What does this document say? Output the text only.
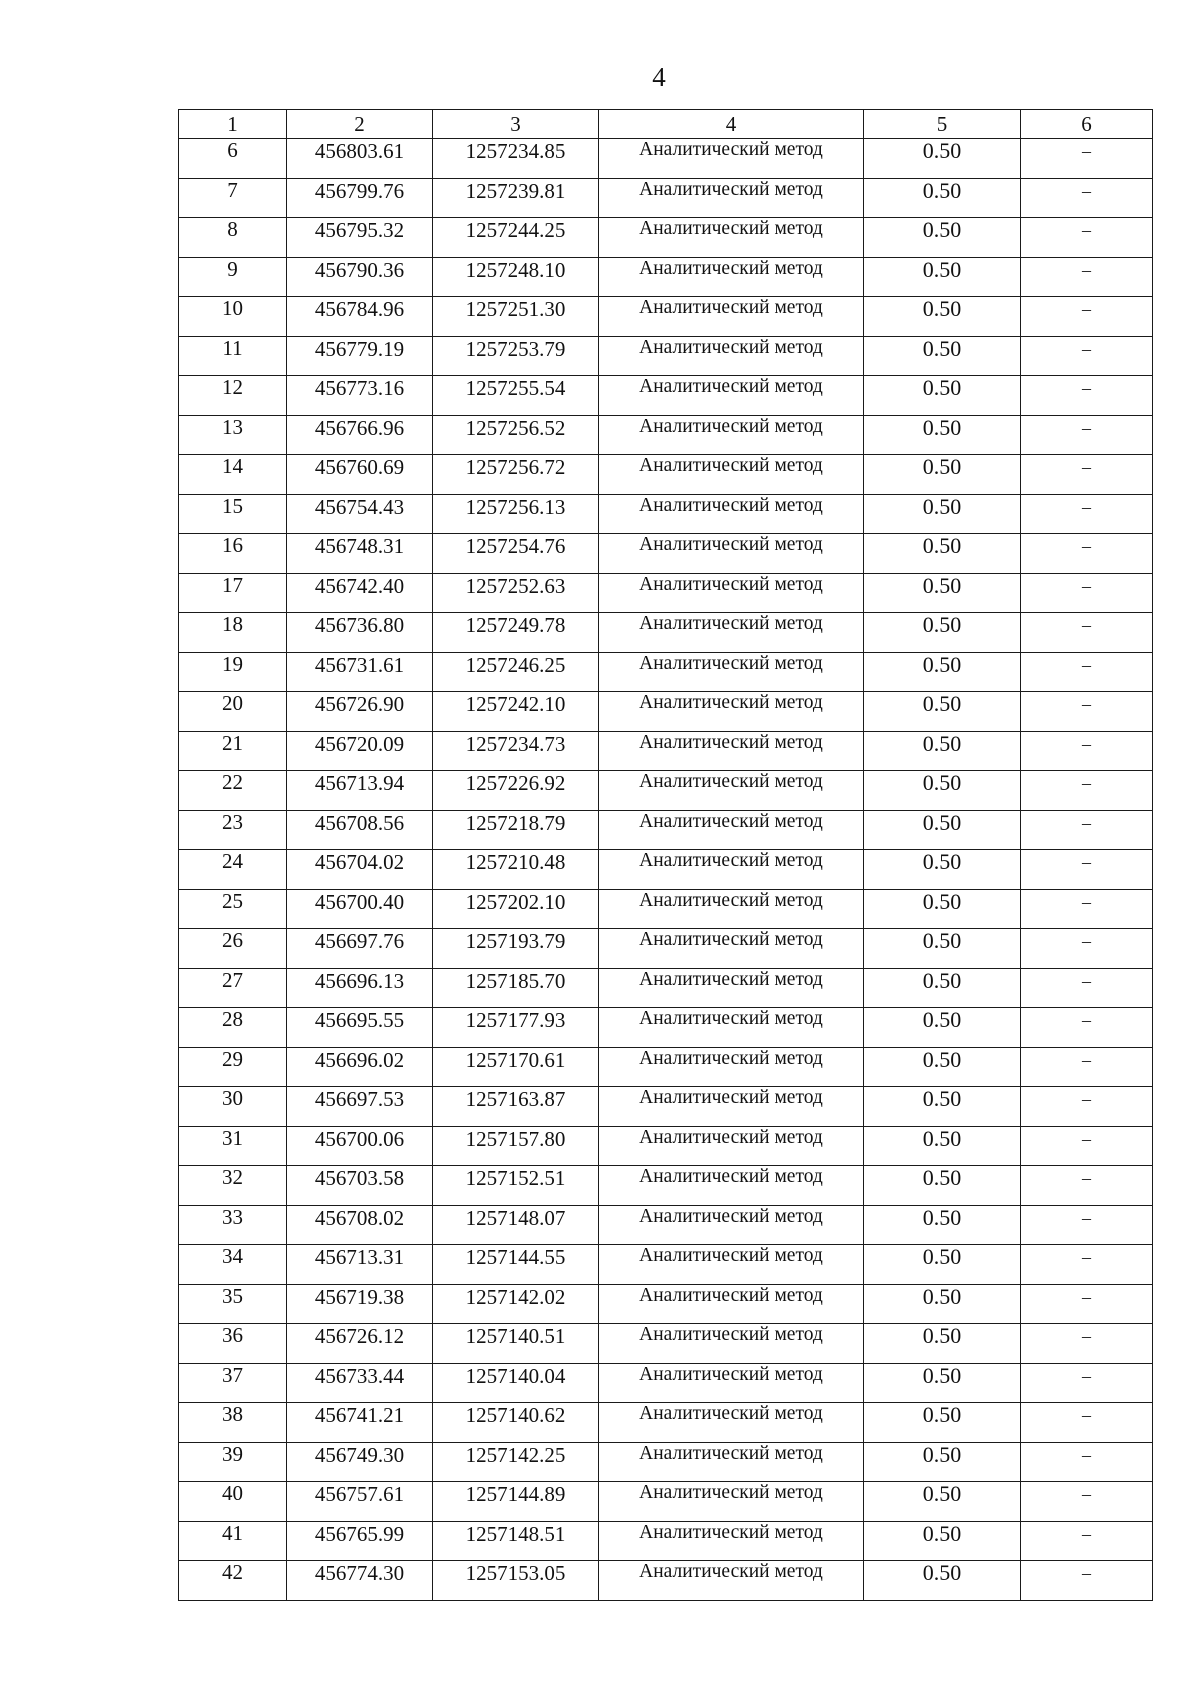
4
1	2	3	4	5	6
6	456803.61	1257234.85	Аналитический метод	0.50	–
7	456799.76	1257239.81	Аналитический метод	0.50	–
8	456795.32	1257244.25	Аналитический метод	0.50	–
9	456790.36	1257248.10	Аналитический метод	0.50	–
10	456784.96	1257251.30	Аналитический метод	0.50	–
11	456779.19	1257253.79	Аналитический метод	0.50	–
12	456773.16	1257255.54	Аналитический метод	0.50	–
13	456766.96	1257256.52	Аналитический метод	0.50	–
14	456760.69	1257256.72	Аналитический метод	0.50	–
15	456754.43	1257256.13	Аналитический метод	0.50	–
16	456748.31	1257254.76	Аналитический метод	0.50	–
17	456742.40	1257252.63	Аналитический метод	0.50	–
18	456736.80	1257249.78	Аналитический метод	0.50	–
19	456731.61	1257246.25	Аналитический метод	0.50	–
20	456726.90	1257242.10	Аналитический метод	0.50	–
21	456720.09	1257234.73	Аналитический метод	0.50	–
22	456713.94	1257226.92	Аналитический метод	0.50	–
23	456708.56	1257218.79	Аналитический метод	0.50	–
24	456704.02	1257210.48	Аналитический метод	0.50	–
25	456700.40	1257202.10	Аналитический метод	0.50	–
26	456697.76	1257193.79	Аналитический метод	0.50	–
27	456696.13	1257185.70	Аналитический метод	0.50	–
28	456695.55	1257177.93	Аналитический метод	0.50	–
29	456696.02	1257170.61	Аналитический метод	0.50	–
30	456697.53	1257163.87	Аналитический метод	0.50	–
31	456700.06	1257157.80	Аналитический метод	0.50	–
32	456703.58	1257152.51	Аналитический метод	0.50	–
33	456708.02	1257148.07	Аналитический метод	0.50	–
34	456713.31	1257144.55	Аналитический метод	0.50	–
35	456719.38	1257142.02	Аналитический метод	0.50	–
36	456726.12	1257140.51	Аналитический метод	0.50	–
37	456733.44	1257140.04	Аналитический метод	0.50	–
38	456741.21	1257140.62	Аналитический метод	0.50	–
39	456749.30	1257142.25	Аналитический метод	0.50	–
40	456757.61	1257144.89	Аналитический метод	0.50	–
41	456765.99	1257148.51	Аналитический метод	0.50	–
42	456774.30	1257153.05	Аналитический метод	0.50	–
